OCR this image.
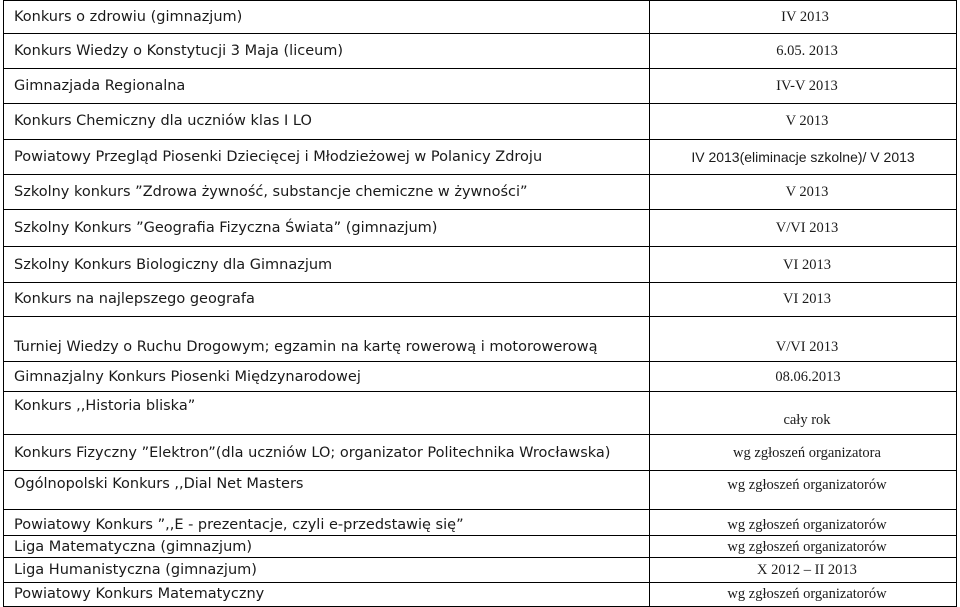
Konkurs o zdrowiu (gimnazjum)	IV 2013
Konkurs Wiedzy o Konstytucji 3 Maja (liceum)	6.05. 2013
Gimnazjada Regionalna	IV-V 2013
Konkurs Chemiczny dla uczniów klas I LO	V 2013
Powiatowy Przegląd Piosenki Dziecięcej i Młodzieżowej w Polanicy Zdroju	IV 2013(eliminacje szkolne)/ V 2013
Szkolny konkurs ”Zdrowa żywność, substancje chemiczne w żywności”	V 2013
Szkolny Konkurs ”Geografia Fizyczna Świata” (gimnazjum)	V/VI 2013
Szkolny Konkurs Biologiczny dla Gimnazjum	VI 2013
Konkurs na najlepszego geografa	VI 2013
Turniej Wiedzy o Ruchu Drogowym; egzamin na kartę rowerową i motorowerową	V/VI 2013
Gimnazjalny Konkurs Piosenki Międzynarodowej	08.06.2013
Konkurs ,,Historia bliska”	cały rok
Konkurs Fizyczny ”Elektron”(dla uczniów LO; organizator Politechnika Wrocławska)	wg zgłoszeń organizatora
Ogólnopolski Konkurs ,,Dial Net Masters	wg zgłoszeń organizatorów
Powiatowy Konkurs ”,,E - prezentacje, czyli e-przedstawię się”	wg zgłoszeń organizatorów
Liga Matematyczna (gimnazjum)	wg zgłoszeń organizatorów
Liga Humanistyczna (gimnazjum)	X 2012 – II 2013
Powiatowy Konkurs Matematyczny	wg zgłoszeń organizatorów
